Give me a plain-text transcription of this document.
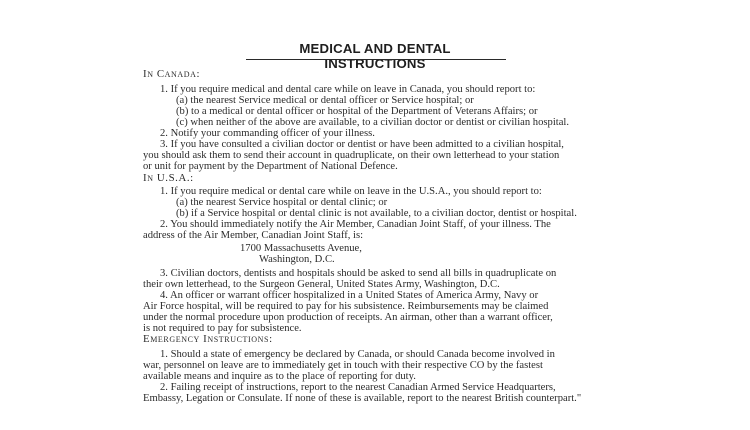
MEDICAL AND DENTAL INSTRUCTIONS
In Canada:
1. If you require medical and dental care while on leave in Canada, you should report to:
(a) the nearest Service medical or dental officer or Service hospital; or
(b) to a medical or dental officer or hospital of the Department of Veterans Affairs; or
(c) when neither of the above are available, to a civilian doctor or dentist or civilian hospital.
2. Notify your commanding officer of your illness.
3. If you have consulted a civilian doctor or dentist or have been admitted to a civilian hospital,
you should ask them to send their account in quadruplicate, on their own letterhead to your station
or unit for payment by the Department of National Defence.
In U.S.A.:
1. If you require medical or dental care while on leave in the U.S.A., you should report to:
(a) the nearest Service hospital or dental clinic; or
(b) if a Service hospital or dental clinic is not available, to a civilian doctor, dentist or hospital.
2. You should immediately notify the Air Member, Canadian Joint Staff, of your illness. The
address of the Air Member, Canadian Joint Staff, is:
1700 Massachusetts Avenue,
Washington, D.C.
3. Civilian doctors, dentists and hospitals should be asked to send all bills in quadruplicate on
their own letterhead, to the Surgeon General, United States Army, Washington, D.C.
4. An officer or warrant officer hospitalized in a United States of America Army, Navy or
Air Force hospital, will be required to pay for his subsistence. Reimbursements may be claimed
under the normal procedure upon production of receipts. An airman, other than a warrant officer,
is not required to pay for subsistence.
Emergency Instructions:
1. Should a state of emergency be declared by Canada, or should Canada become involved in
war, personnel on leave are to immediately get in touch with their respective CO by the fastest
available means and inquire as to the place of reporting for duty.
2. Failing receipt of instructions, report to the nearest Canadian Armed Service Headquarters,
Embassy, Legation or Consulate. If none of these is available, report to the nearest British counterpart."
